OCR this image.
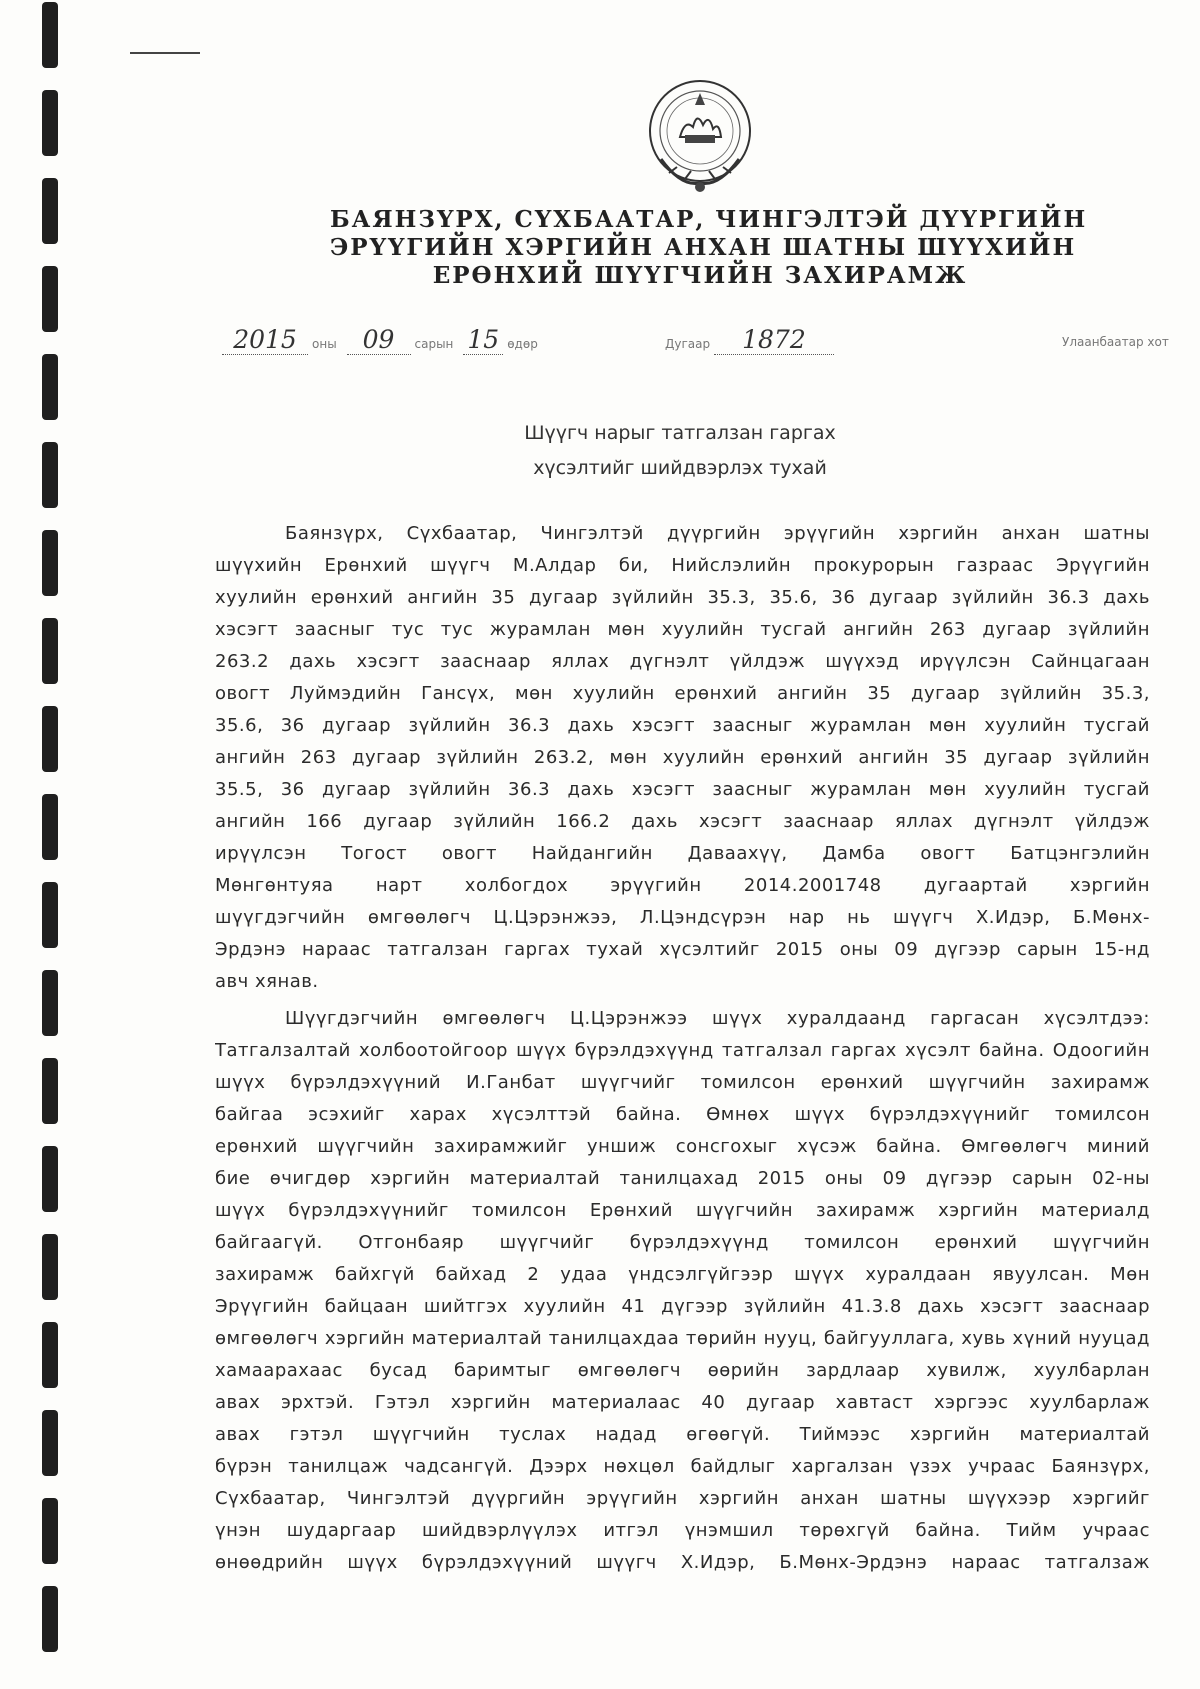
БАЯНЗҮРХ, СҮХБААТАР, ЧИНГЭЛТЭЙ ДҮҮРГИЙН
ЭРҮҮГИЙН ХЭРГИЙН АНХАН ШАТНЫ ШҮҮХИЙН
ЕРӨНХИЙ ШҮҮГЧИЙН ЗАХИРАМЖ
2015 оны 09 сарын 15 өдөр	Дугаар 1872	Улаанбаатар хот
Шүүгч нарыг татгалзан гаргах
хүсэлтийг шийдвэрлэх тухай
Баянзүрх, Сүхбаатар, Чингэлтэй дүүргийн эрүүгийн хэргийн анхан шатны
шүүхийн Ерөнхий шүүгч М.Алдар би, Нийслэлийн прокурорын газраас Эрүүгийн
хуулийн ерөнхий ангийн 35 дугаар зүйлийн 35.3, 35.6, 36 дугаар зүйлийн 36.3 дахь
хэсэгт заасныг тус тус журамлан мөн хуулийн тусгай ангийн 263 дугаар зүйлийн
263.2 дахь хэсэгт зааснаар яллах дүгнэлт үйлдэж шүүхэд ирүүлсэн Сайнцагаан
овогт Луймэдийн Гансүх, мөн хуулийн ерөнхий ангийн 35 дугаар зүйлийн 35.3,
35.6, 36 дугаар зүйлийн 36.3 дахь хэсэгт заасныг журамлан мөн хуулийн тусгай
ангийн 263 дугаар зүйлийн 263.2, мөн хуулийн ерөнхий ангийн 35 дугаар зүйлийн
35.5, 36 дугаар зүйлийн 36.3 дахь хэсэгт заасныг журамлан мөн хуулийн тусгай
ангийн 166 дугаар зүйлийн 166.2 дахь хэсэгт зааснаар яллах дүгнэлт үйлдэж
ирүүлсэн Тогост овогт Найдангийн Даваахүү, Дамба овогт Батцэнгэлийн
Мөнгөнтуяа нарт холбогдох эрүүгийн 2014.2001748 дугаартай хэргийн
шүүгдэгчийн өмгөөлөгч Ц.Цэрэнжээ, Л.Цэндсүрэн нар нь шүүгч Х.Идэр, Б.Мөнх-
Эрдэнэ нараас татгалзан гаргах тухай хүсэлтийг 2015 оны 09 дүгээр сарын 15-нд
авч хянав.
Шүүгдэгчийн өмгөөлөгч Ц.Цэрэнжээ шүүх хуралдаанд гаргасан хүсэлтдээ:
Татгалзалтай холбоотойгоор шүүх бүрэлдэхүүнд татгалзал гаргах хүсэлт байна. Одоогийн
шүүх бүрэлдэхүүний И.Ганбат шүүгчийг томилсон ерөнхий шүүгчийн захирамж
байгаа эсэхийг харах хүсэлттэй байна. Өмнөх шүүх бүрэлдэхүүнийг томилсон
ерөнхий шүүгчийн захирамжийг уншиж сонсгохыг хүсэж байна. Өмгөөлөгч миний
бие өчигдөр хэргийн материалтай танилцахад 2015 оны 09 дүгээр сарын 02-ны
шүүх бүрэлдэхүүнийг томилсон Ерөнхий шүүгчийн захирамж хэргийн материалд
байгаагүй. Отгонбаяр шүүгчийг бүрэлдэхүүнд томилсон ерөнхий шүүгчийн
захирамж байхгүй байхад 2 удаа үндсэлгүйгээр шүүх хуралдаан явуулсан. Мөн
Эрүүгийн байцаан шийтгэх хуулийн 41 дүгээр зүйлийн 41.3.8 дахь хэсэгт зааснаар
өмгөөлөгч хэргийн материалтай танилцахдаа төрийн нууц, байгууллага, хувь хүний нууцад
хамаарахаас бусад баримтыг өмгөөлөгч өөрийн зардлаар хувилж, хуулбарлан
авах эрхтэй. Гэтэл хэргийн материалаас 40 дугаар хавтаст хэргээс хуулбарлаж
авах гэтэл шүүгчийн туслах надад өгөөгүй. Тиймээс хэргийн материалтай
бүрэн танилцаж чадсангүй. Дээрх нөхцөл байдлыг харгалзан үзэх учраас Баянзүрх,
Сүхбаатар, Чингэлтэй дүүргийн эрүүгийн хэргийн анхан шатны шүүхээр хэргийг
үнэн шударгаар шийдвэрлүүлэх итгэл үнэмшил төрөхгүй байна. Тийм учраас
өнөөдрийн шүүх бүрэлдэхүүний шүүгч Х.Идэр, Б.Мөнх-Эрдэнэ нараас татгалзаж
